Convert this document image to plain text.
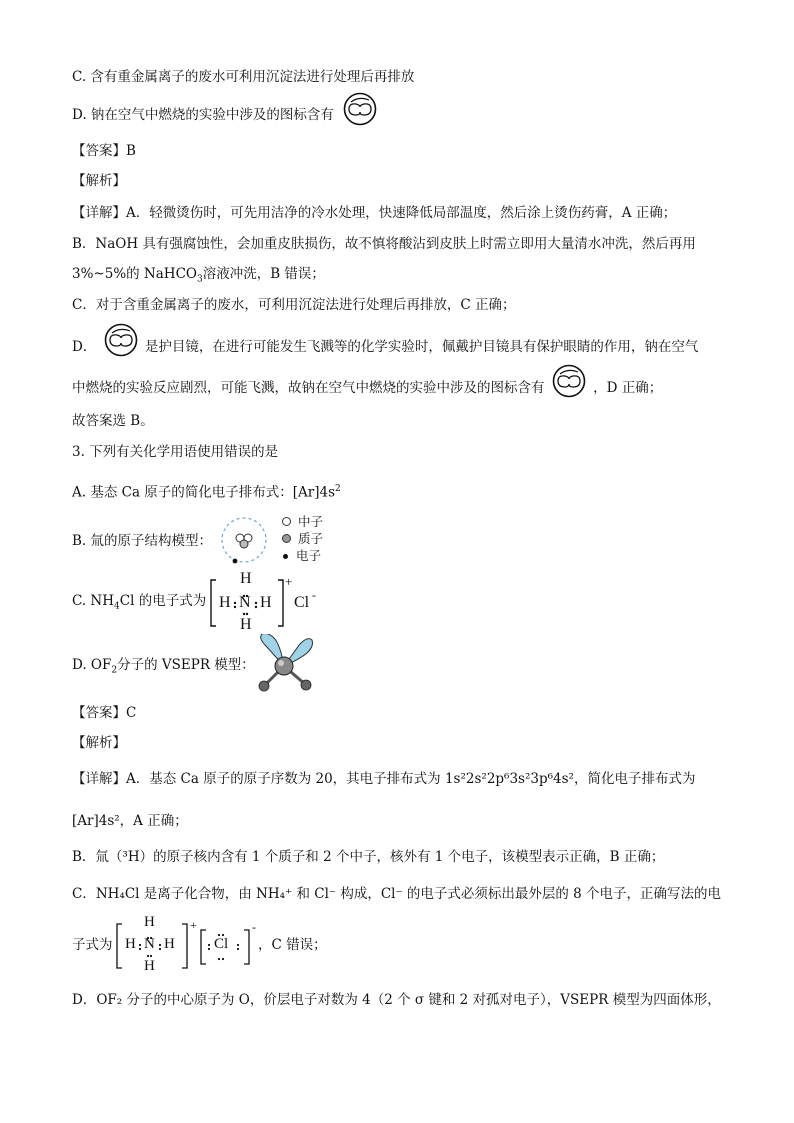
C. 含有重金属离子的废水可利用沉淀法进行处理后再排放
D. 钠在空气中燃烧的实验中涉及的图标含有
【答案】B
【解析】
【详解】A．轻微烫伤时，可先用洁净的冷水处理，快速降低局部温度，然后涂上烫伤药膏，A 正确；
B．NaOH 具有强腐蚀性，会加重皮肤损伤，故不慎将酸沾到皮肤上时需立即用大量清水冲洗，然后再用
3%~5%的 NaHCO$_3$溶液冲洗，B 错误；
C．对于含重金属离子的废水，可利用沉淀法进行处理后再排放，C 正确；
D．	是护目镜，在进行可能发生飞溅等的化学实验时，佩戴护目镜具有保护眼睛的作用，钠在空气
中燃烧的实验反应剧烈，可能飞溅，故钠在空气中燃烧的实验中涉及的图标含有	，D 正确；
故答案选 B。
3. 下列有关化学用语使用错误的是
A. 基态 Ca 原子的简化电子排布式：$[Ar]4s^2$
B. 氚的原子结构模型：
中子
质子
电子
C. $NH_4Cl$ 的电子式为
H
H N H
H
+
Cl -
D. $OF_2$分子的 VSEPR 模型：
【答案】C
【解析】
【详解】A．基态 Ca 原子的原子序数为 20，其电子排布式为 1s²2s²2p⁶3s²3p⁶4s²，简化电子排布式为
[Ar]4s²，A 正确；
B．氚（³H）的原子核内含有 1 个质子和 2 个中子，核外有 1 个电子，该模型表示正确，B 正确；
C．NH₄Cl 是离子化合物，由 NH₄⁺ 和 Cl⁻ 构成，Cl⁻ 的电子式必须标出最外层的 8 个电子，正确写法的电
子式为
H
H N H
H
+
Cl
-
，C 错误；
D．OF₂ 分子的中心原子为 O，价层电子对数为 4（2 个 σ 键和 2 对孤对电子），VSEPR 模型为四面体形，
